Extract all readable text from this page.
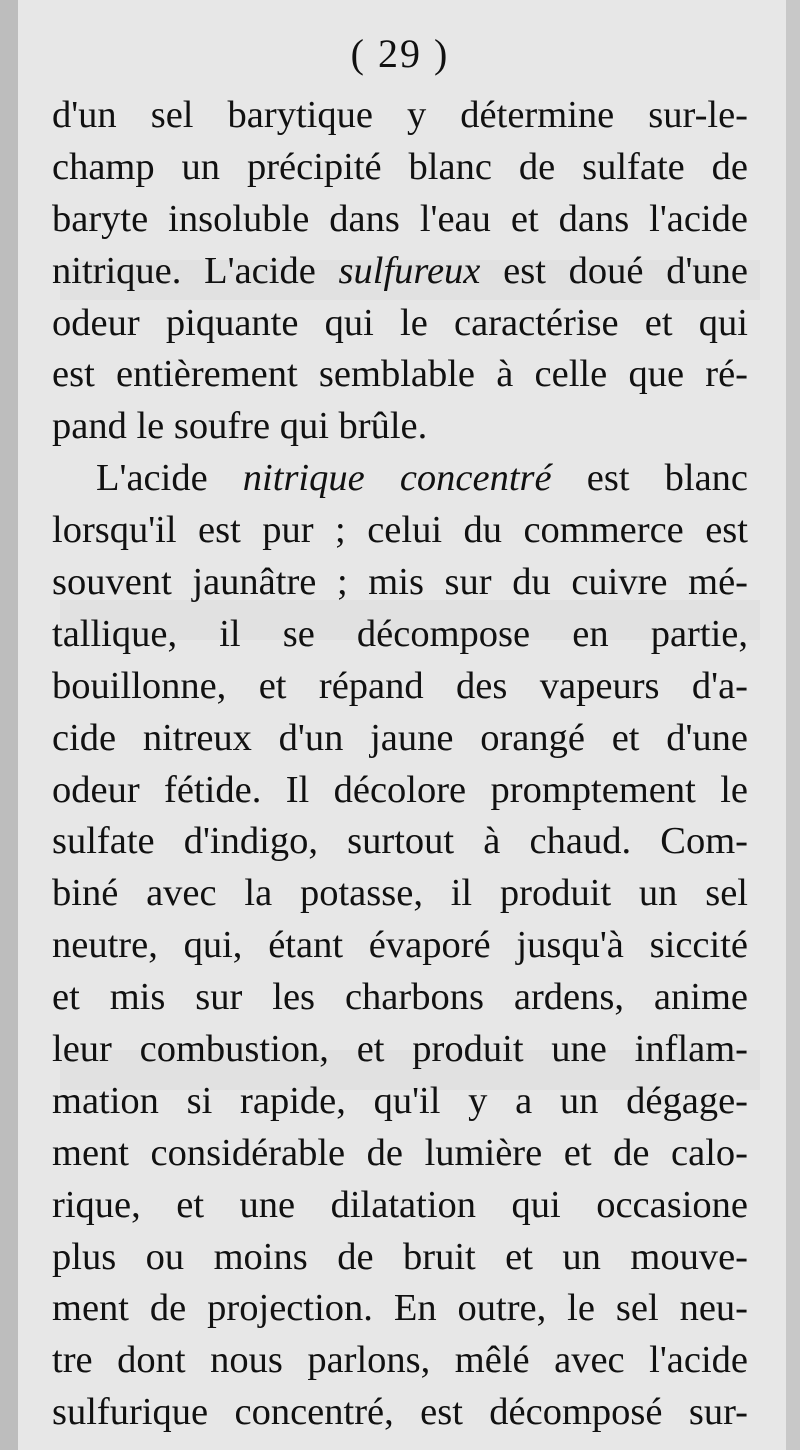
( 29 )
d'un sel barytique y détermine sur-le-
champ un précipité blanc de sulfate de
baryte insoluble dans l'eau et dans l'acide
nitrique. L'acide sulfureux est doué d'une
odeur piquante qui le caractérise et qui
est entièrement semblable à celle que ré-
pand le soufre qui brûle.
L'acide nitrique concentré est blanc
lorsqu'il est pur ; celui du commerce est
souvent jaunâtre ; mis sur du cuivre mé-
tallique, il se décompose en partie,
bouillonne, et répand des vapeurs d'a-
cide nitreux d'un jaune orangé et d'une
odeur fétide. Il décolore promptement le
sulfate d'indigo, surtout à chaud. Com-
biné avec la potasse, il produit un sel
neutre, qui, étant évaporé jusqu'à siccité
et mis sur les charbons ardens, anime
leur combustion, et produit une inflam-
mation si rapide, qu'il y a un dégage-
ment considérable de lumière et de calo-
rique, et une dilatation qui occasione
plus ou moins de bruit et un mouve-
ment de projection. En outre, le sel neu-
tre dont nous parlons, mêlé avec l'acide
sulfurique concentré, est décomposé sur-
